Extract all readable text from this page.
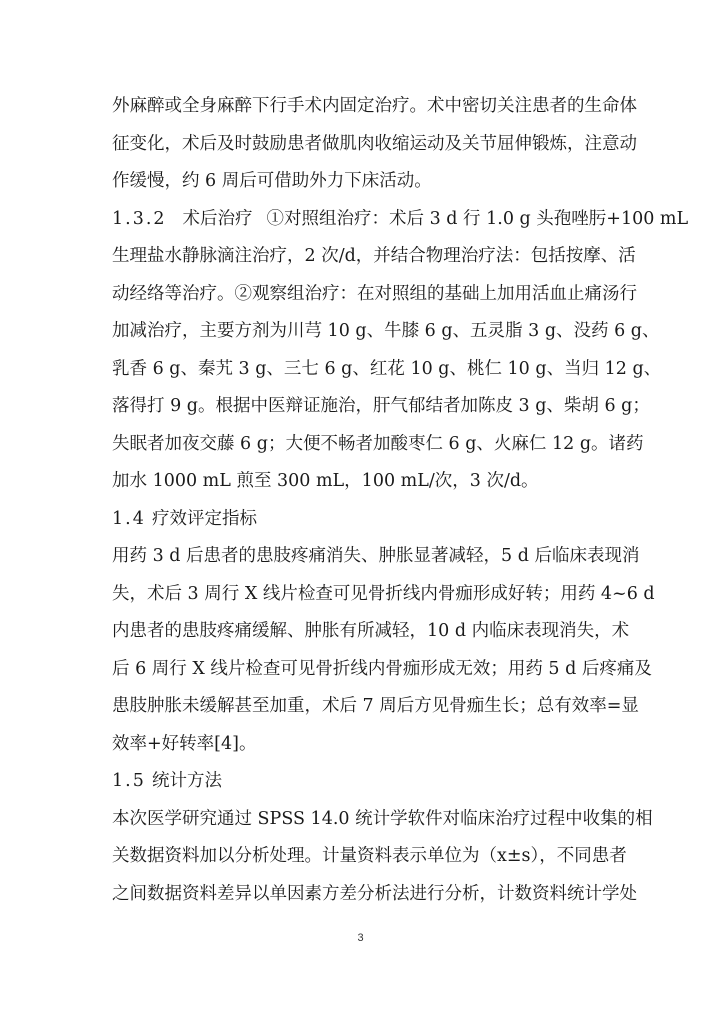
外麻醉或全身麻醉下行手术内固定治疗。术中密切关注患者的生命体
征变化，术后及时鼓励患者做肌肉收缩运动及关节屈伸锻炼，注意动
作缓慢，约 6 周后可借助外力下床活动。
1.3.2 术后治疗 ①对照组治疗：术后 3 d 行 1.0 g 头孢唑肟+100 mL
生理盐水静脉滴注治疗，2 次/d，并结合物理治疗法：包括按摩、活
动经络等治疗。②观察组治疗：在对照组的基础上加用活血止痛汤行
加减治疗，主要方剂为川芎 10 g、牛膝 6 g、五灵脂 3 g、没药 6 g、
乳香 6 g、秦艽 3 g、三七 6 g、红花 10 g、桃仁 10 g、当归 12 g、
落得打 9 g。根据中医辩证施治，肝气郁结者加陈皮 3 g、柴胡 6 g；
失眠者加夜交藤 6 g；大便不畅者加酸枣仁 6 g、火麻仁 12 g。诸药
加水 1000 mL 煎至 300 mL，100 mL/次，3 次/d。
1.4 疗效评定指标
用药 3 d 后患者的患肢疼痛消失、肿胀显著减轻，5 d 后临床表现消
失，术后 3 周行 X 线片检查可见骨折线内骨痂形成好转；用药 4~6 d
内患者的患肢疼痛缓解、肿胀有所减轻，10 d 内临床表现消失，术
后 6 周行 X 线片检查可见骨折线内骨痂形成无效；用药 5 d 后疼痛及
患肢肿胀未缓解甚至加重，术后 7 周后方见骨痂生长；总有效率=显
效率+好转率[4]。
1.5 统计方法
本次医学研究通过 SPSS 14.0 统计学软件对临床治疗过程中收集的相
关数据资料加以分析处理。计量资料表示单位为（x±s），不同患者
之间数据资料差异以单因素方差分析法进行分析，计数资料统计学处
3
